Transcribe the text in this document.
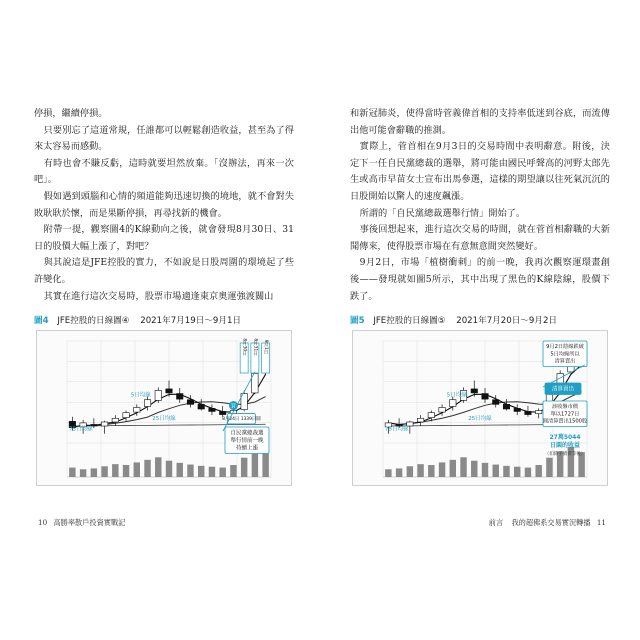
停損，繼續停損。

只要別忘了這道常規，任誰都可以輕鬆創造收益，甚至為了得來太容易而感動。

有時也會不賺反虧，這時就要坦然放棄。「沒辦法，再來一次吧」。

假如遇到頭腦和心情的頻道能夠迅速切換的境地，就不會對失敗耿耿於懷，而是果斷停損，再尋找新的機會。

附帶一提，觀察圖4的K線動向之後，就會發現8月30日、31日的股價大幅上漲了，對吧？

與其說這是JFE控股的實力，不如說是日股周圍的環境起了些許變化。

其實在進行這次交易時，股票市場適逢東京奧運強渡關山

圖4 JFE控股的日線圖④ 2021年7月19日～9月1日
5日均線
25日均線
75日均線
買
8月30日 8月31日 9月1日
8月24日 1339日圓
自民黨總裁選
舉行情前一晚
持續上漲
10 高勝率散戶投資實戰記

和新冠肺炎，使得當時菅義偉首相的支持率低迷到谷底，而流傳出他可能會辭職的推測。

實際上，菅首相在9月3日的交易時間中表明辭意。附後，決定下一任自民黨總裁的選舉，將可能由國民呼聲高的河野太郎先生或高市早苗女士宣布出馬參選，這樣的期望讓以往死氣沉沉的日股開始以驚人的速度飆漲。

所謂的「自民黨總裁選舉行情」開始了。

事後回想起來，進行這次交易的時間，就在菅首相辭職的大新聞傳來，使得股票市場在有意無意間突然變好。

9月2日，市場「植樹衝刺」的前一晚，我再次觀察運環畫創後——發現就如圖5所示，其中出現了黑色的K線陰線，股價下跌了。

圖5 JFE控股的日線圖⑤ 2021年7月20日～9月2日
5日均線
25日均線
75日均線
9月2日陰線跌破
5日均線所以
清算賣出
清算賣出
該收盤市價
單以1727日
圓清算賣出1500股
27萬5044
日圓的收益
（扣除手續費等後）
前言 我的超佛系交易實況轉播 11
